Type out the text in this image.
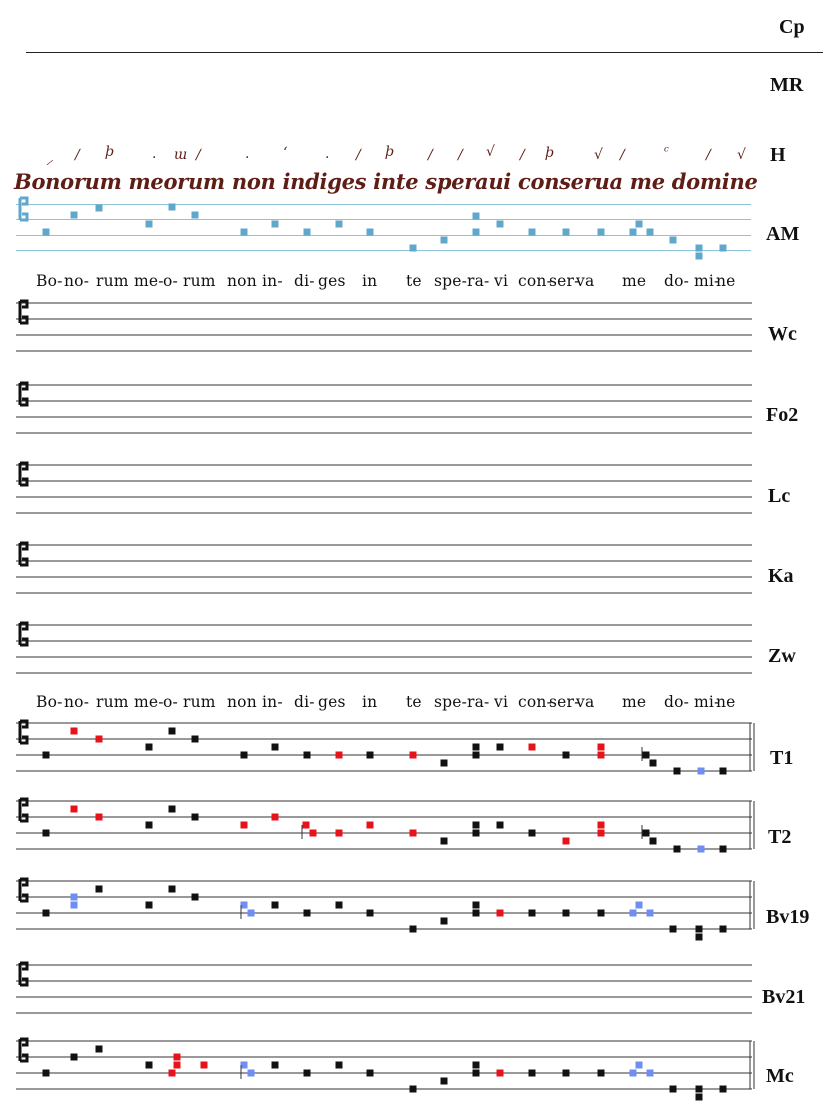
Cp
MR
H
AM
Wc
Fo2
Lc
Ka
Zw
T1
T2
Bv19
Bv21
Mc
⸝ ∕ ϸ	· ɯ ∕	· ʻ	· ∕ ϸ ∕ ∕ √ ∕ ϸ	√ ∕	ᶜ	∕ √
Bonorum meorum non indiges inte speraui conserua me domine
Bo- no- rum me- o- rum non in- di- ges in te spe- ra- vi con-
ser-
va me do- mi-
ne
Bo- no- rum me- o- rum non in- di- ges in te spe- ra- vi con-
ser-
va me do- mi-
ne
